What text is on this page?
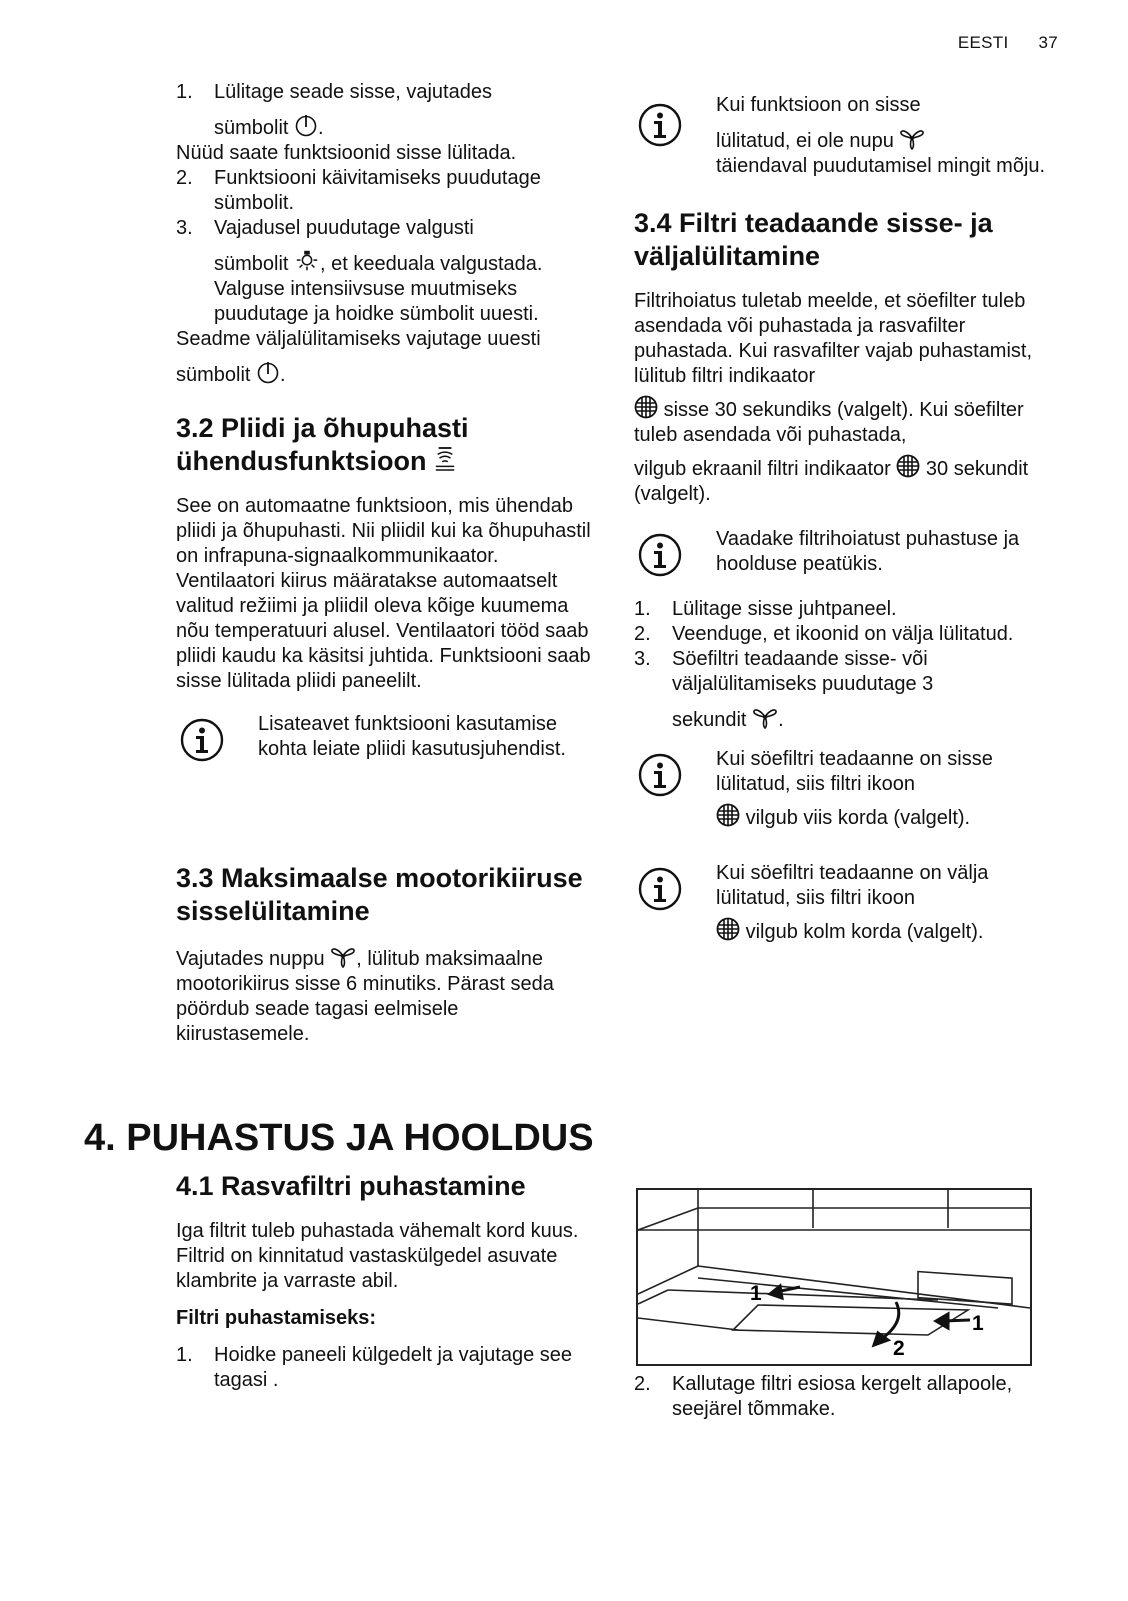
EESTI 37
1. Lülitage seade sisse, vajutades
sümbolit .

Nüüd saate funktsioonid sisse lülitada.

2. Funktsiooni käivitamiseks puudutage sümbolit.
3. Vajadusel puudutage valgusti
sümbolit , et keeduala valgustada. Valguse intensiivsuse muutmiseks puudutage ja hoidke sümbolit uuesti.

Seadme väljalülitamiseks vajutage uuesti
sümbolit .

3.2 Pliidi ja õhupuhasti ühendusfunktsioon

See on automaatne funktsioon, mis ühendab pliidi ja õhupuhasti. Nii pliidil kui ka õhupuhastil on infrapuna-signaalkommunikaator. Ventilaatori kiirus määratakse automaatselt valitud režiimi ja pliidil oleva kõige kuumema nõu temperatuuri alusel. Ventilaatori tööd saab pliidi kaudu ka käsitsi juhtida. Funktsiooni saab sisse lülitada pliidi paneelilt.

Lisateavet funktsiooni kasutamise kohta leiate pliidi kasutusjuhendist.

3.3 Maksimaalse mootorikiiruse sisselülitamine

Vajutades nuppu , lülitub maksimaalne mootorikiirus sisse 6 minutiks. Pärast seda pöördub seade tagasi eelmisele kiirustasemele.

4. PUHASTUS JA HOOLDUS
4.1 Rasvafiltri puhastamine

Iga filtrit tuleb puhastada vähemalt kord kuus. Filtrid on kinnitatud vastaskülgedel asuvate klambrite ja varraste abil.

Filtri puhastamiseks:

1. Hoidke paneeli külgedelt ja vajutage see tagasi .

Kui funktsioon on sisse
lülitatud, ei ole nupu
täiendaval puudutamisel mingit mõju.

3.4 Filtri teadaande sisse- ja väljalülitamine

Filtrihoiatus tuletab meelde, et söefilter tuleb asendada või puhastada ja rasvafilter puhastada. Kui rasvafilter vajab puhastamist, lülitub filtri indikaator
sisse 30 sekundiks (valgelt). Kui söefilter tuleb asendada või puhastada,
vilgub ekraanil filtri indikaator 30 sekundit (valgelt).

Vaadake filtrihoiatust puhastuse ja hoolduse peatükis.

1. Lülitage sisse juhtpaneel.
2. Veenduge, et ikoonid on välja lülitatud.
3. Söefiltri teadaande sisse- või väljalülitamiseks puudutage 3
sekundit .

Kui söefiltri teadaanne on sisse lülitatud, siis filtri ikoon
vilgub viis korda (valgelt).

Kui söefiltri teadaanne on välja lülitatud, siis filtri ikoon
vilgub kolm korda (valgelt).

1
1
2
2. Kallutage filtri esiosa kergelt allapoole, seejärel tõmmake.
